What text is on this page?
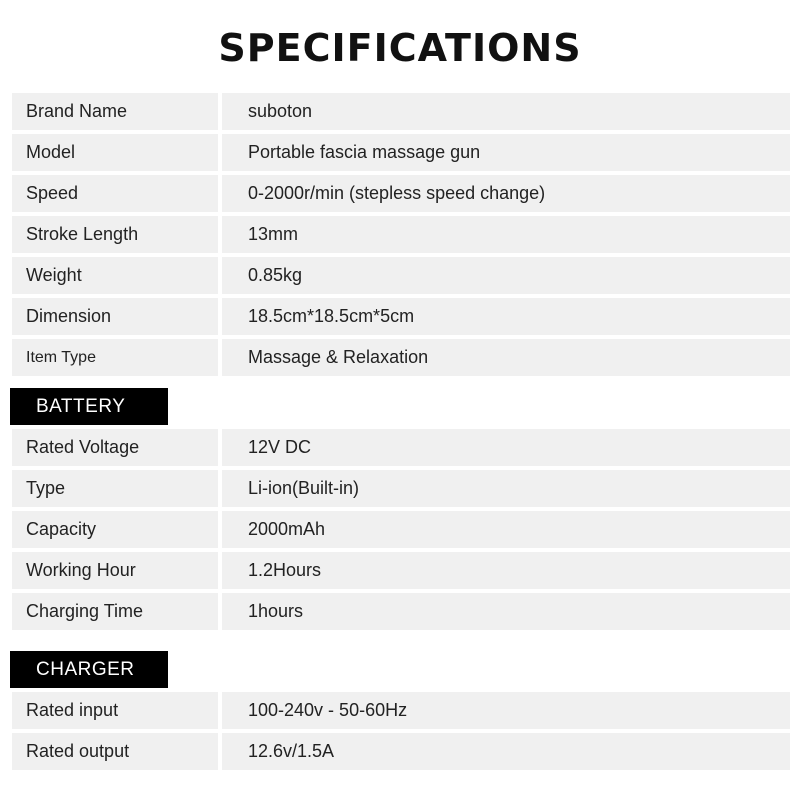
SPECIFICATIONS
Brand Name	suboton
Model	Portable fascia massage gun
Speed	0-2000r/min (stepless speed change)
Stroke Length	13mm
Weight	0.85kg
Dimension	18.5cm*18.5cm*5cm
Item Type	Massage & Relaxation
BATTERY
Rated Voltage	12V DC
Type	Li-ion(Built-in)
Capacity	2000mAh
Working Hour	1.2Hours
Charging Time	1hours
CHARGER
Rated input	100-240v - 50-60Hz
Rated output	12.6v/1.5A
